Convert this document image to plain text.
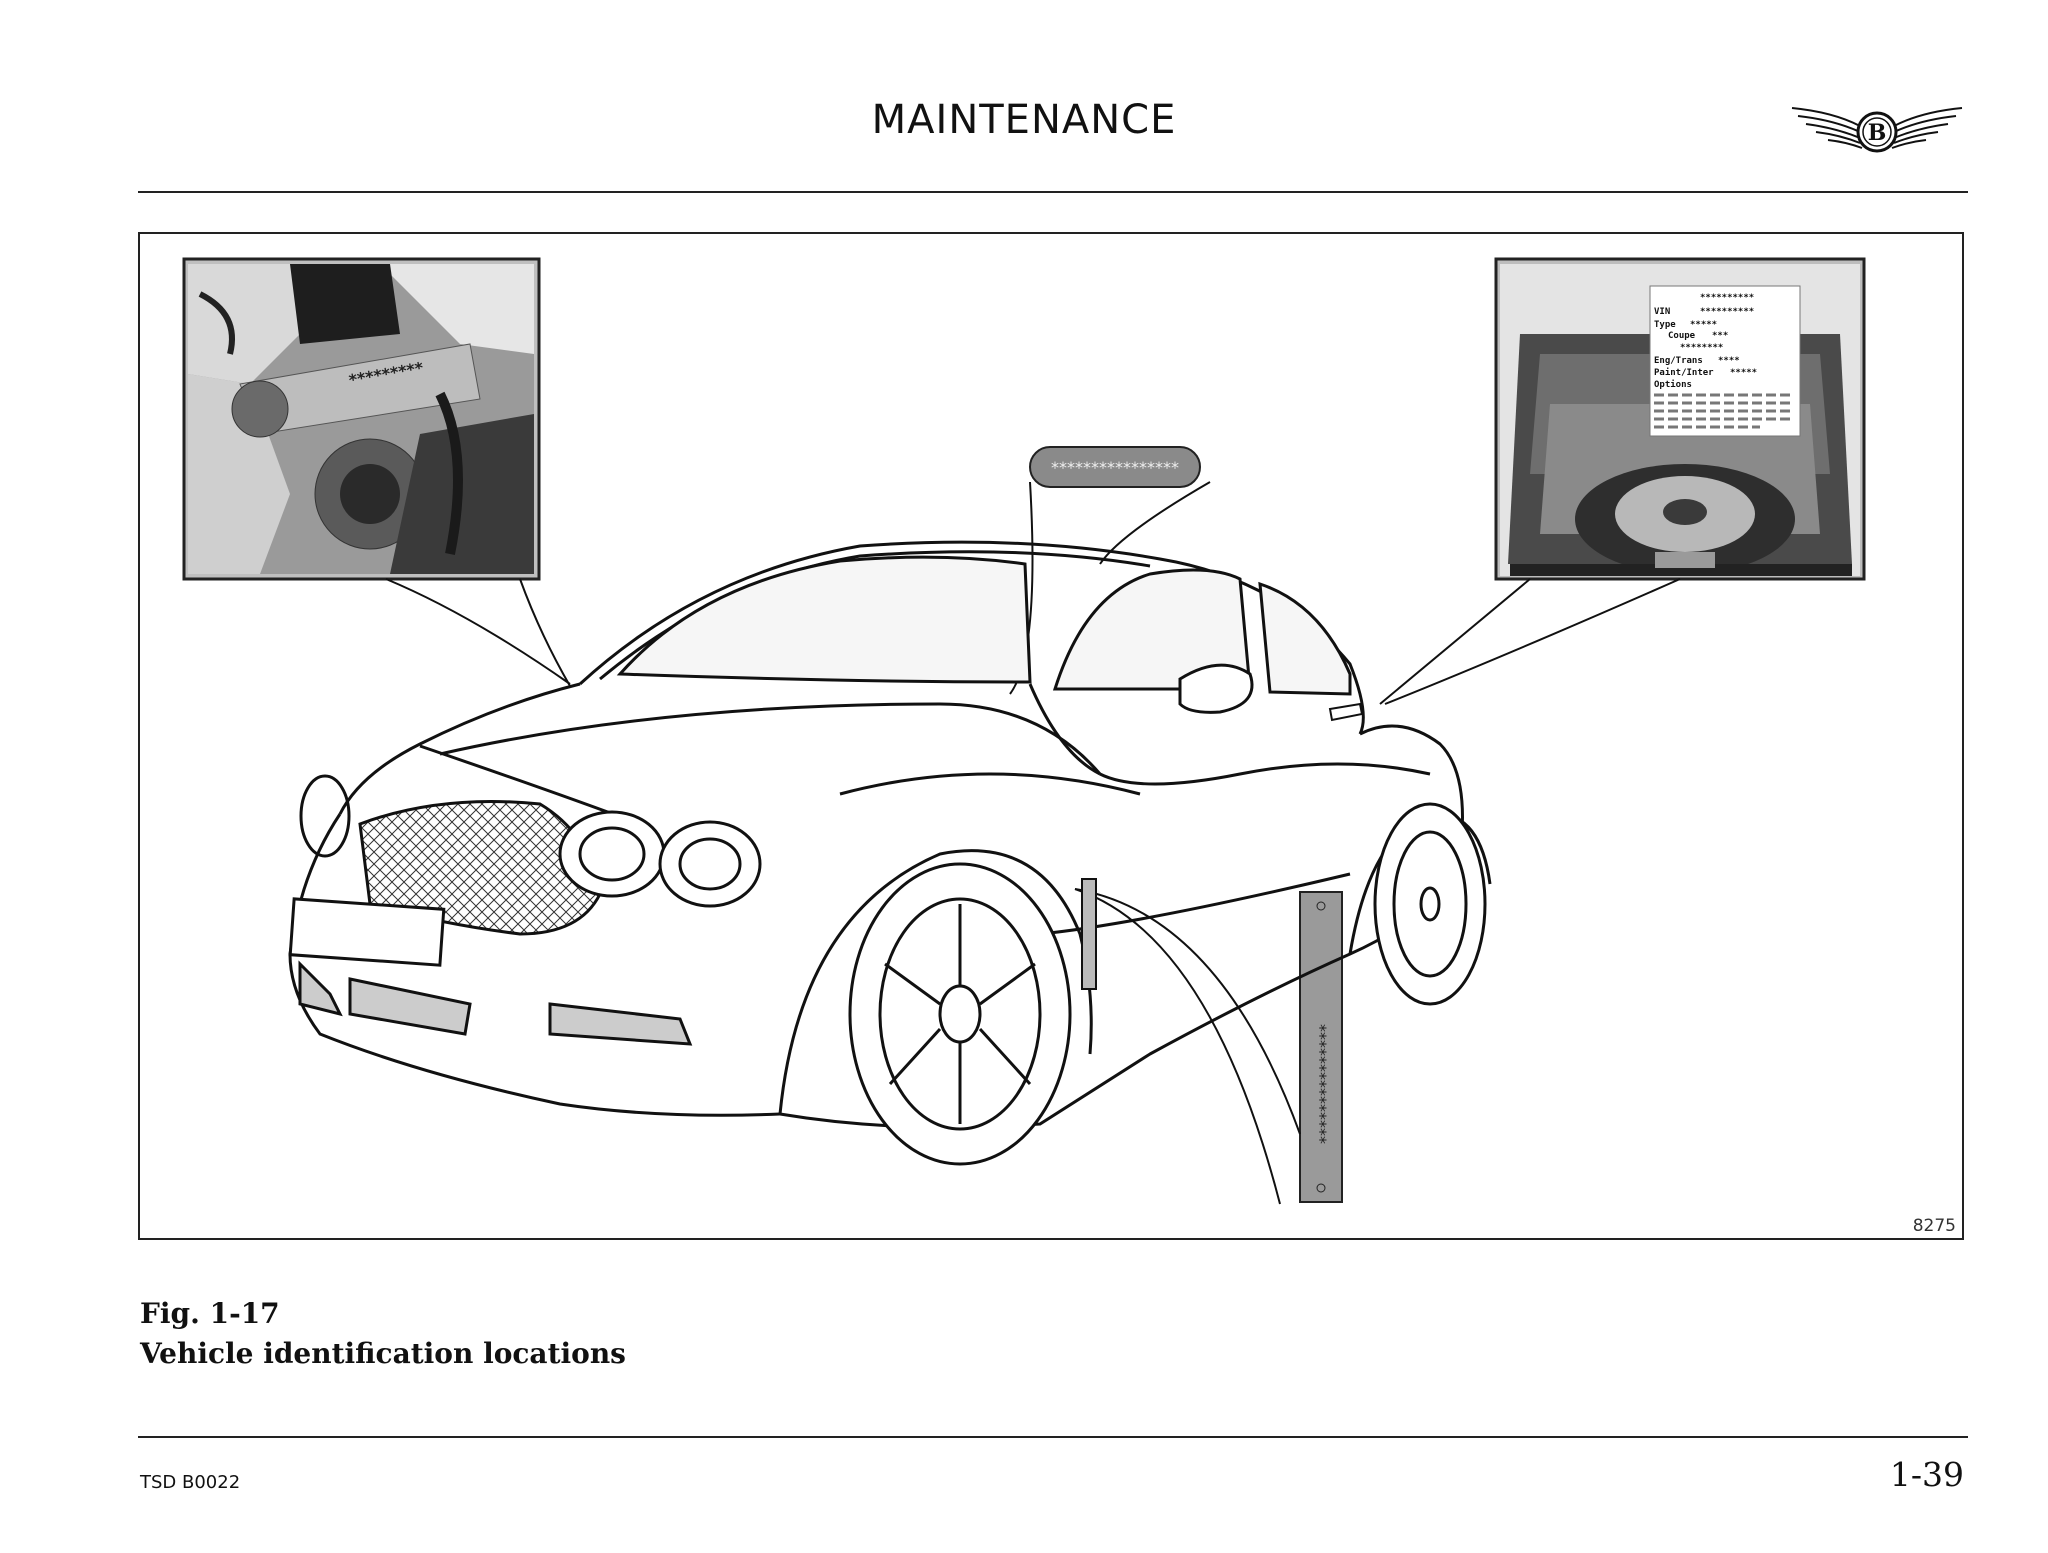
MAINTENANCE	B
*********
**********
VIN	**********
Type *****
Coupe ***
********
Eng/Trans ****
Paint/Inter *****
Options
****************
***************
8275
Fig. 1-17
Vehicle identification locations
TSD B0022	1-39
